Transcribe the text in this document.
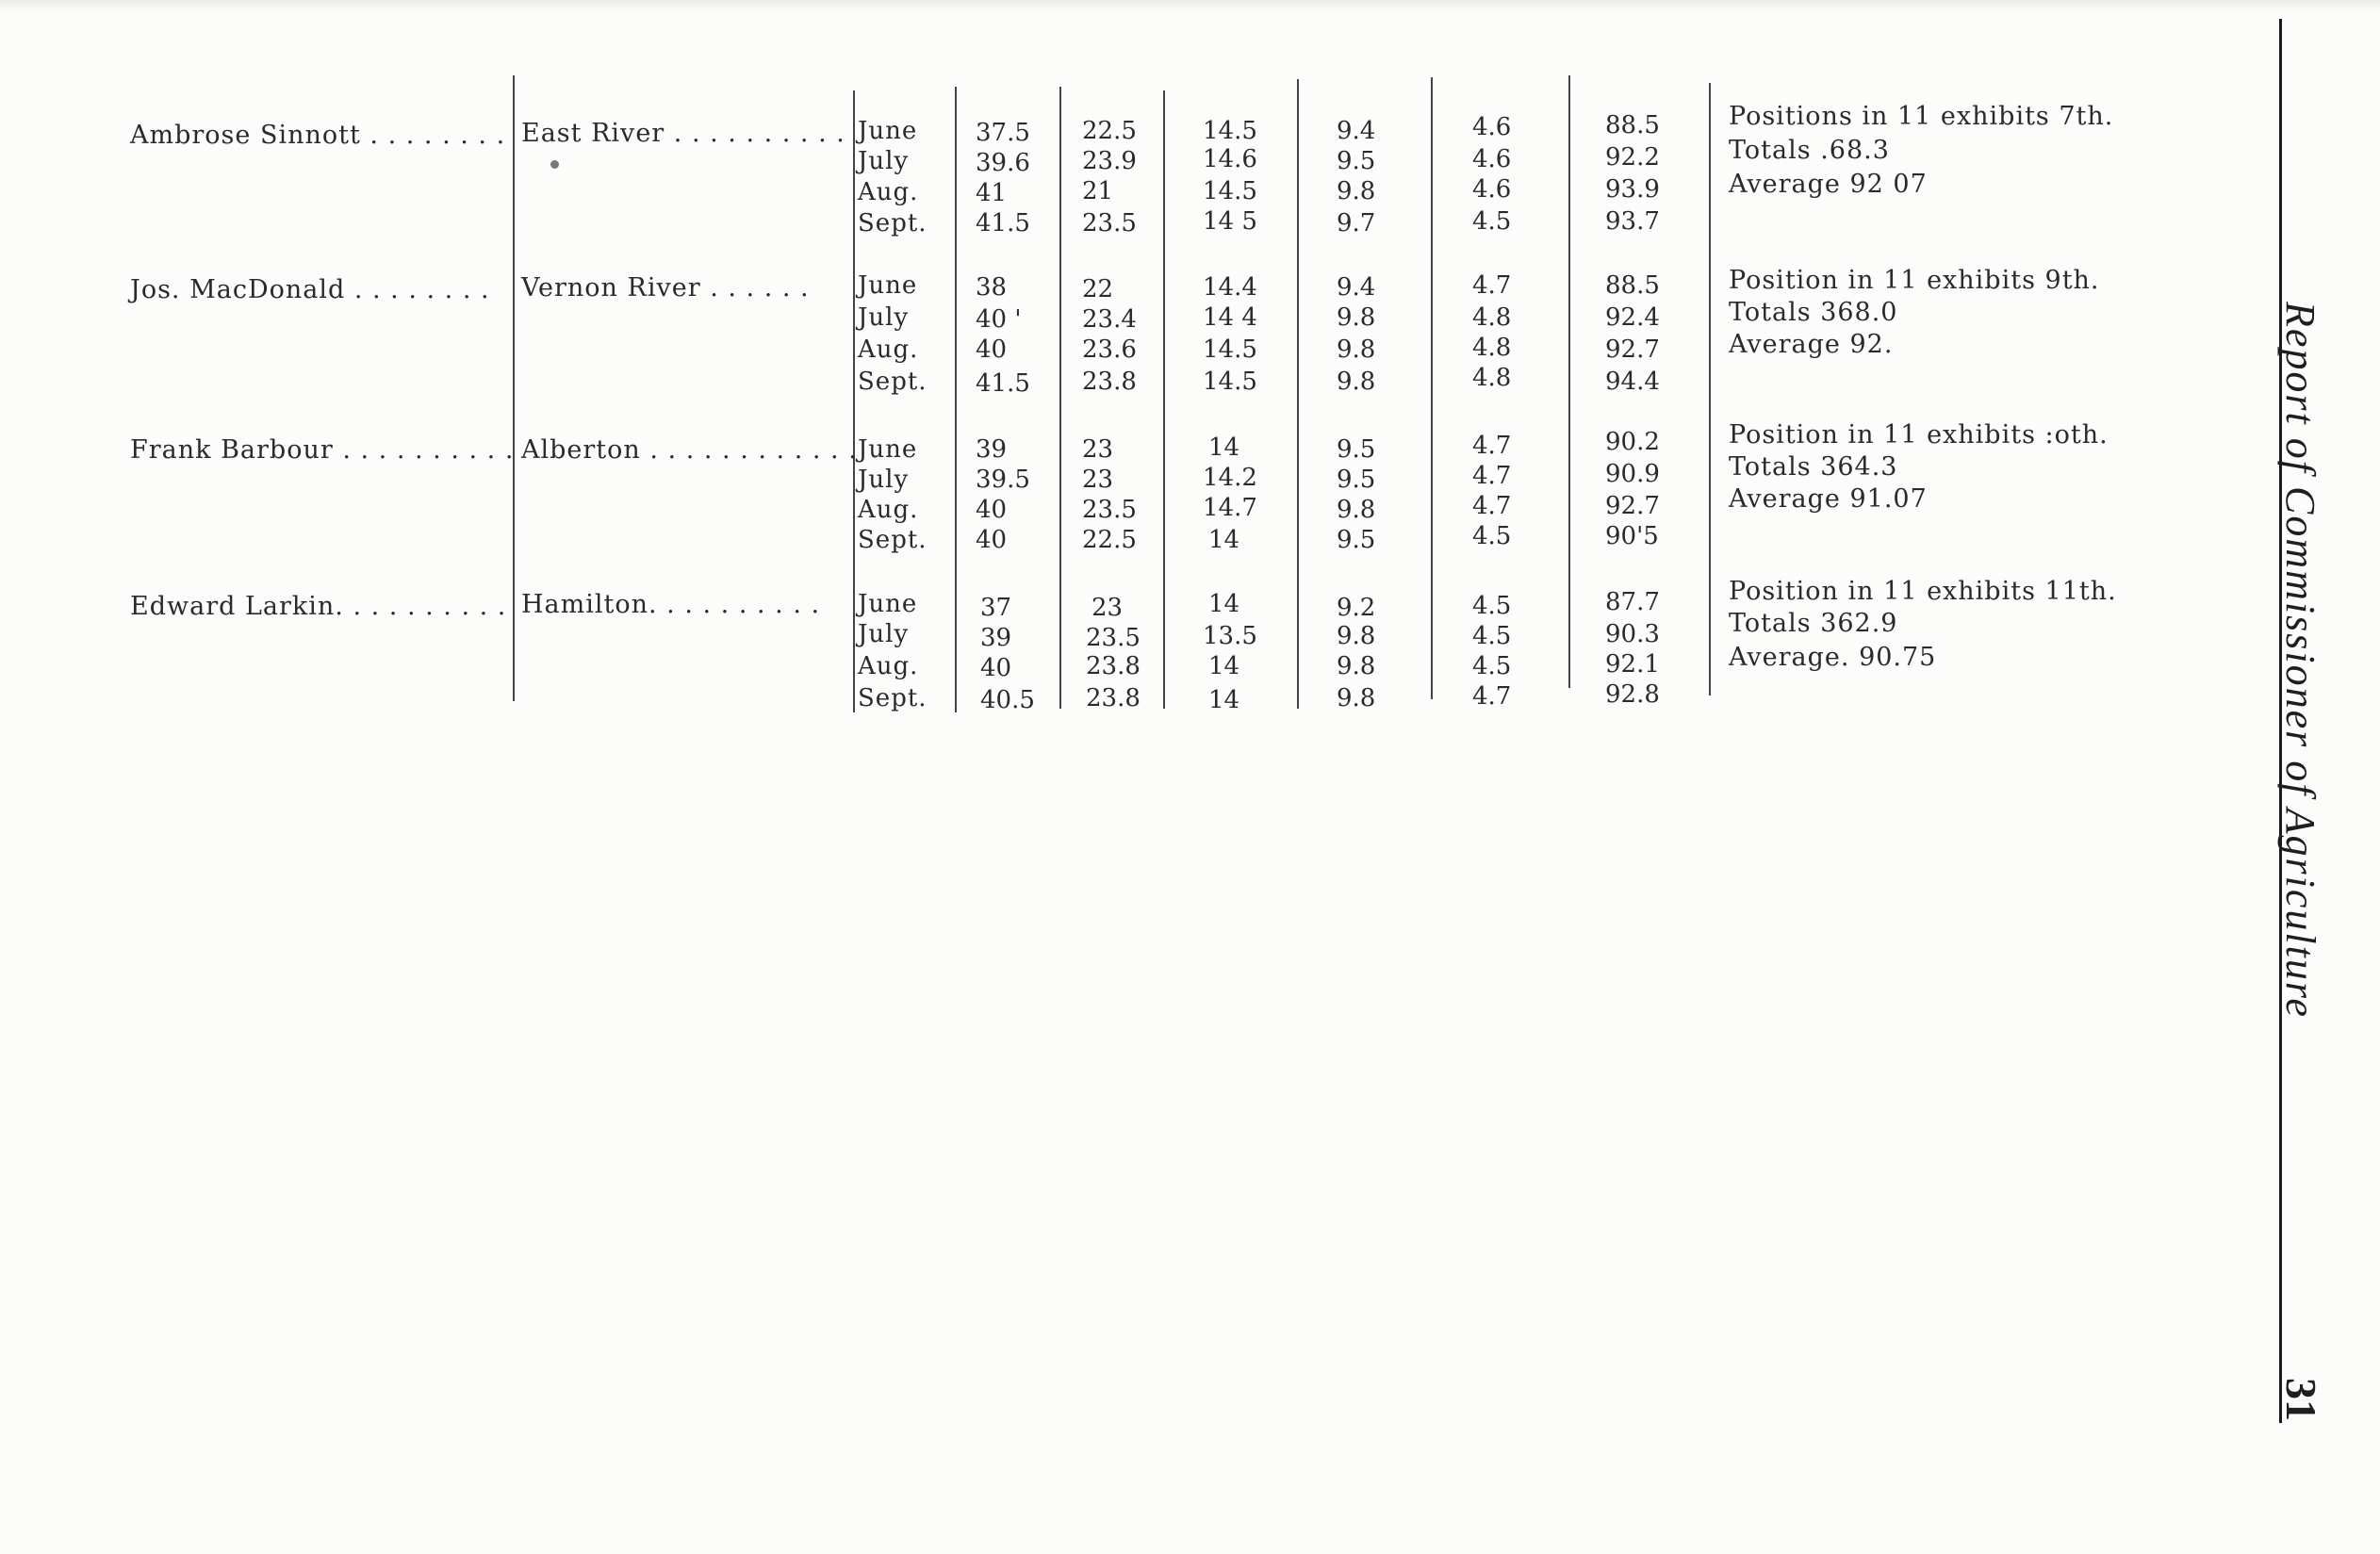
Ambrose Sinnott . . . . . . . . East River . . . . . . . . . . June
July
Aug.
Sept.
37.5
39.6
41
41.5
22.5
23.9
21
23.5
14.5
14.6
14.5
14 5
9.4
9.5
9.8
9.7
4.6
4.6
4.6
4.5
88.5
92.2
93.9
93.7
Positions in 11 exhibits 7th.
Totals .68.3
Average 92 07
Jos. MacDonald . . . . . . . . Vernon River . . . . . . June
July
Aug.
Sept.
38
40 '
40
41.5
22
23.4
23.6
23.8
14.4
14 4
14.5
14.5
9.4
9.8
9.8
9.8
4.7
4.8
4.8
4.8
88.5
92.4
92.7
94.4
Position in 11 exhibits 9th.
Totals 368.0
Average 92.
Frank Barbour . . . . . . . . . . Alberton . . . . . . . . . . . . June
July
Aug.
Sept.
39
39.5
40
40
23
23
23.5
22.5
14
14.2
14.7
14
9.5
9.5
9.8
9.5
4.7
4.7
4.7
4.5
90.2
90.9
92.7
90'5
Position in 11 exhibits :oth.
Totals 364.3
Average 91.07
Edward Larkin. . . . . . . . . . Hamilton. . . . . . . . . . June
July
Aug.
Sept.
37
39
40
40.5
23
23.5
23.8
23.8
14
13.5
14
14
9.2
9.8
9.8
9.8
4.5
4.5
4.5
4.7
87.7
90.3
92.1
92.8
Position in 11 exhibits 11th.
Totals 362.9
Average. 90.75	Report of Commissioner of Agriculture
31
